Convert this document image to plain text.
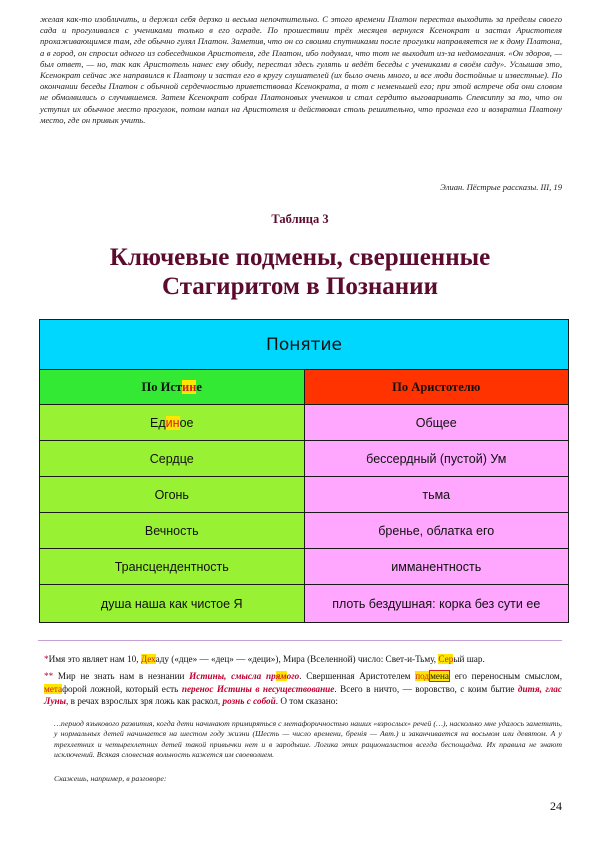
желая как-то изобличить, и держал себя дерзко и весьма непочтительно. С этого времени Платон перестал выходить за пределы своего сада и прогуливался с учениками только в его ограде. По прошествии трёх месяцев вернулся Ксенократ и застал Аристотеля прохаживающимся там, где обычно гулял Платон. Заметив, что он со своими спутниками после прогулки направляется не к дому Платона, а в город, он спросил одного из собеседников Аристотеля, где Платон, ибо подумал, что тот не выходит из-за недомогания. «Он здоров, — был ответ, — но, так как Аристотель нанес ему обиду, перестал здесь гулять и ведёт беседы с учениками в своём саду». Услышав это, Ксенократ сейчас же направился к Платону и застал его в кругу слушателей (их было очень много, и все люди достойные и известные). По окончании беседы Платон с обычной сердечностью приветствовал Ксенократа, а тот с неменьшей его; при этой встрече оба они словом не обмолвились о случившемся. Затем Ксенократ собрал Платоновых учеников и стал сердито выговаривать Спевсиппу за то, что он уступил их обычное место прогулок, потом напал на Аристотеля и действовал столь решительно, что прогнал его и возвратил Платону место, где он привык учить.
Элиан. Пёстрые рассказы. III, 19
Таблица 3
Ключевые подмены, свершенные
Стагиритом в Познании
Понятие	
По Истине	По Аристотелю
Единое	Общее
Сердце	бессердный (пустой) Ум
Огонь	тьма
Вечность	бренье, облатка его
Трансцендентность	имманентность
душа наша как чистое Я	плоть бездушная: корка без сути ее
*Имя это являет нам 10, Дехаду («дце» — «дец» — «деци»), Мира (Вселенной) число: Свет-и-Тьму, Серый шар.
** Мир не знать нам в незнании Истины, смысла прямого. Свершенная Аристотелем подмена его переносным смыслом, метафорой ложной, который есть перенос Истины в несуществование. Всего в ничто, — воровство, с коим бытие дитя, глас Луны, в речах взрослых зря ложь как раскол, рознь с собой. О том сказано:
…период языкового развития, когда дети начинают примиряться с метафоричностью наших «взрослых» речей (…), насколько мне удалось заметить, у нормальных детей начинается на шестом году жизни (Шесть — число времени, бренія — Авт.) и заканчивается на восьмом или девятом. А у трехлетних и четырехлетних детей такой привычки нет и в зародыше. Логика этих рационалистов всегда беспощадна. Их правила не знают исключений. Всякая словесная вольность кажется им своеволием.
Скажешь, например, в разговоре:
24
